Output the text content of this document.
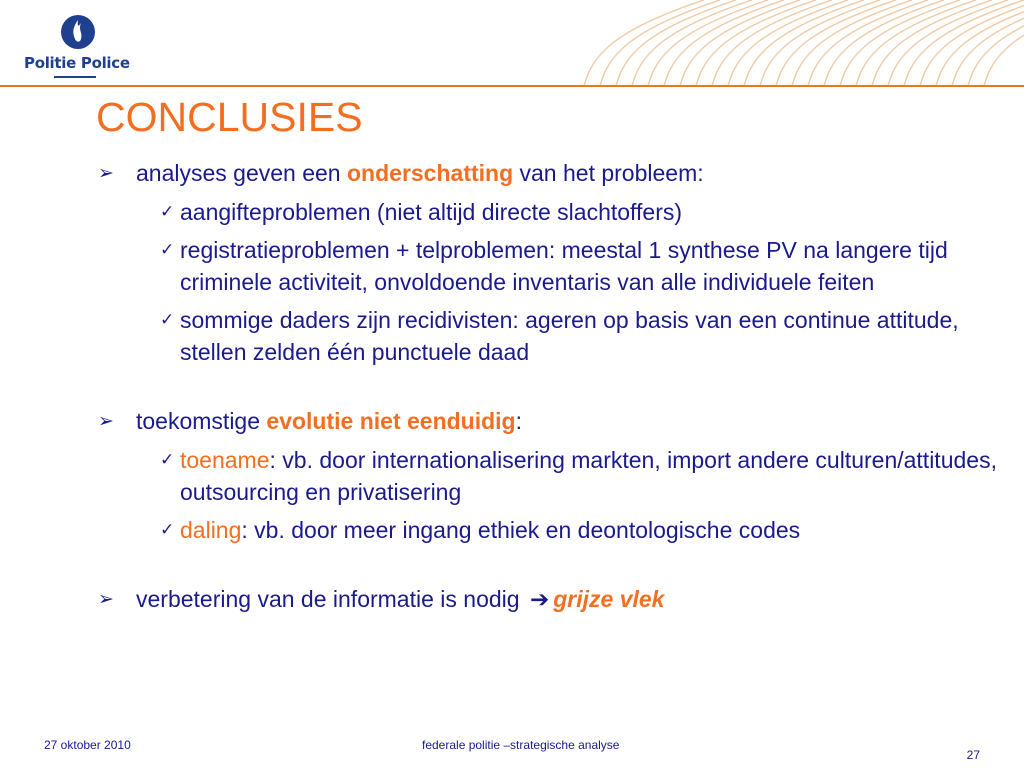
Politie Police
CONCLUSIES
➢ analyses geven een onderschatting van het probleem:
✓ aangifteproblemen (niet altijd directe slachtoffers)
✓ registratieproblemen + telproblemen: meestal 1 synthese PV na langere tijd criminele activiteit, onvoldoende inventaris van alle individuele feiten
✓ sommige daders zijn recidivisten: ageren op basis van een continue attitude, stellen zelden één punctuele daad
➢ toekomstige evolutie niet eenduidig:
✓ toename: vb. door internationalisering markten, import andere culturen/attitudes, outsourcing en privatisering
✓ daling: vb. door meer ingang ethiek en deontologische codes
➢ verbetering van de informatie is nodig ➔ grijze vlek
27 oktober 2010	federale politie –strategische analyse
27
